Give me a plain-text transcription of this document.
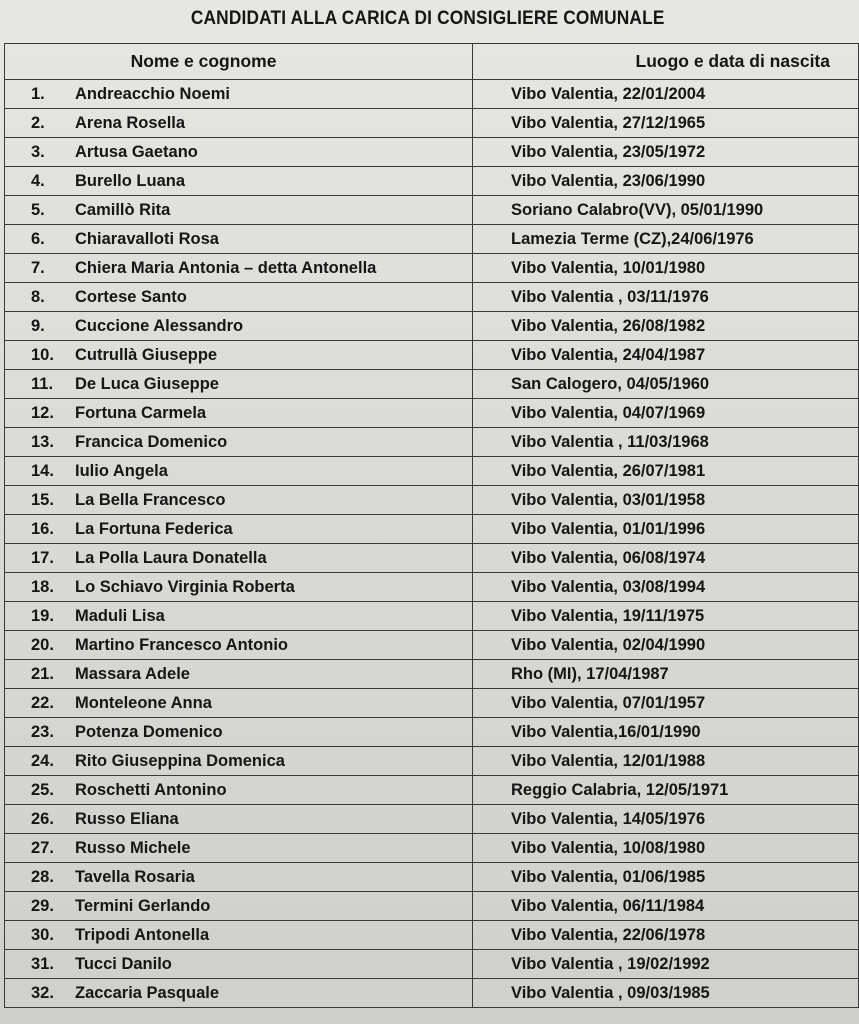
CANDIDATI ALLA CARICA DI CONSIGLIERE COMUNALE
Nome e cognome	Luogo e data di nascita
1. Andreacchio Noemi	Vibo Valentia, 22/01/2004
2. Arena Rosella	Vibo Valentia, 27/12/1965
3. Artusa Gaetano	Vibo Valentia, 23/05/1972
4. Burello Luana	Vibo Valentia, 23/06/1990
5. Camillò Rita	Soriano Calabro(VV), 05/01/1990
6. Chiaravalloti Rosa	Lamezia Terme (CZ),24/06/1976
7. Chiera Maria Antonia – detta Antonella	Vibo Valentia, 10/01/1980
8. Cortese Santo	Vibo Valentia , 03/11/1976
9. Cuccione Alessandro	Vibo Valentia, 26/08/1982
10. Cutrullà Giuseppe	Vibo Valentia, 24/04/1987
11. De Luca Giuseppe	San Calogero, 04/05/1960
12. Fortuna Carmela	Vibo Valentia, 04/07/1969
13. Francica Domenico	Vibo Valentia , 11/03/1968
14. Iulio Angela	Vibo Valentia, 26/07/1981
15. La Bella Francesco	Vibo Valentia, 03/01/1958
16. La Fortuna Federica	Vibo Valentia, 01/01/1996
17. La Polla Laura Donatella	Vibo Valentia, 06/08/1974
18. Lo Schiavo Virginia Roberta	Vibo Valentia, 03/08/1994
19. Maduli Lisa	Vibo Valentia, 19/11/1975
20. Martino Francesco Antonio	Vibo Valentia, 02/04/1990
21. Massara Adele	Rho (MI), 17/04/1987
22. Monteleone Anna	Vibo Valentia, 07/01/1957
23. Potenza Domenico	Vibo Valentia,16/01/1990
24. Rito Giuseppina Domenica	Vibo Valentia, 12/01/1988
25. Roschetti Antonino	Reggio Calabria, 12/05/1971
26. Russo Eliana	Vibo Valentia, 14/05/1976
27. Russo Michele	Vibo Valentia, 10/08/1980
28. Tavella Rosaria	Vibo Valentia, 01/06/1985
29. Termini Gerlando	Vibo Valentia, 06/11/1984
30. Tripodi Antonella	Vibo Valentia, 22/06/1978
31. Tucci Danilo	Vibo Valentia , 19/02/1992
32. Zaccaria Pasquale	Vibo Valentia , 09/03/1985
